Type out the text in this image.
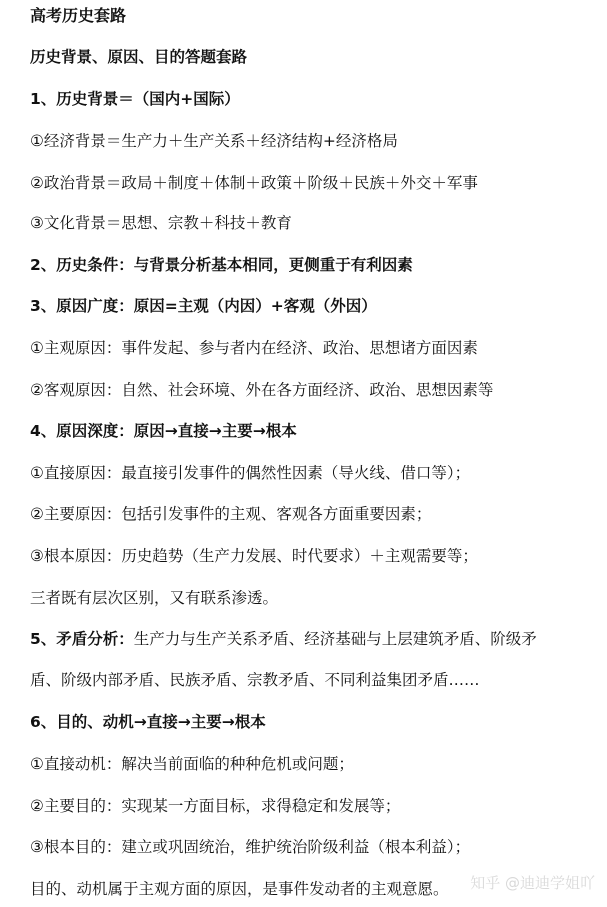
高考历史套路
历史背景、原因、目的答题套路
1、历史背景＝（国内+国际）
①经济背景＝生产力＋生产关系＋经济结构+经济格局
②政治背景＝政局＋制度＋体制＋政策＋阶级＋民族＋外交＋军事
③文化背景＝思想、宗教＋科技＋教育
2、历史条件：与背景分析基本相同，更侧重于有利因素
3、原因广度：原因=主观（内因）+客观（外因）
①主观原因：事件发起、参与者内在经济、政治、思想诸方面因素
②客观原因：自然、社会环境、外在各方面经济、政治、思想因素等
4、原因深度：原因→直接→主要→根本
①直接原因：最直接引发事件的偶然性因素（导火线、借口等）；
②主要原因：包括引发事件的主观、客观各方面重要因素；
③根本原因：历史趋势（生产力发展、时代要求）＋主观需要等；
三者既有层次区别，又有联系渗透。
5、矛盾分析：生产力与生产关系矛盾、经济基础与上层建筑矛盾、阶级矛
盾、阶级内部矛盾、民族矛盾、宗教矛盾、不同利益集团矛盾……
6、目的、动机→直接→主要→根本
①直接动机：解决当前面临的种种危机或问题；
②主要目的：实现某一方面目标，求得稳定和发展等；
③根本目的：建立或巩固统治，维护统治阶级利益（根本利益）；
目的、动机属于主观方面的原因，是事件发动者的主观意愿。	知乎 @迪迪学姐吖
